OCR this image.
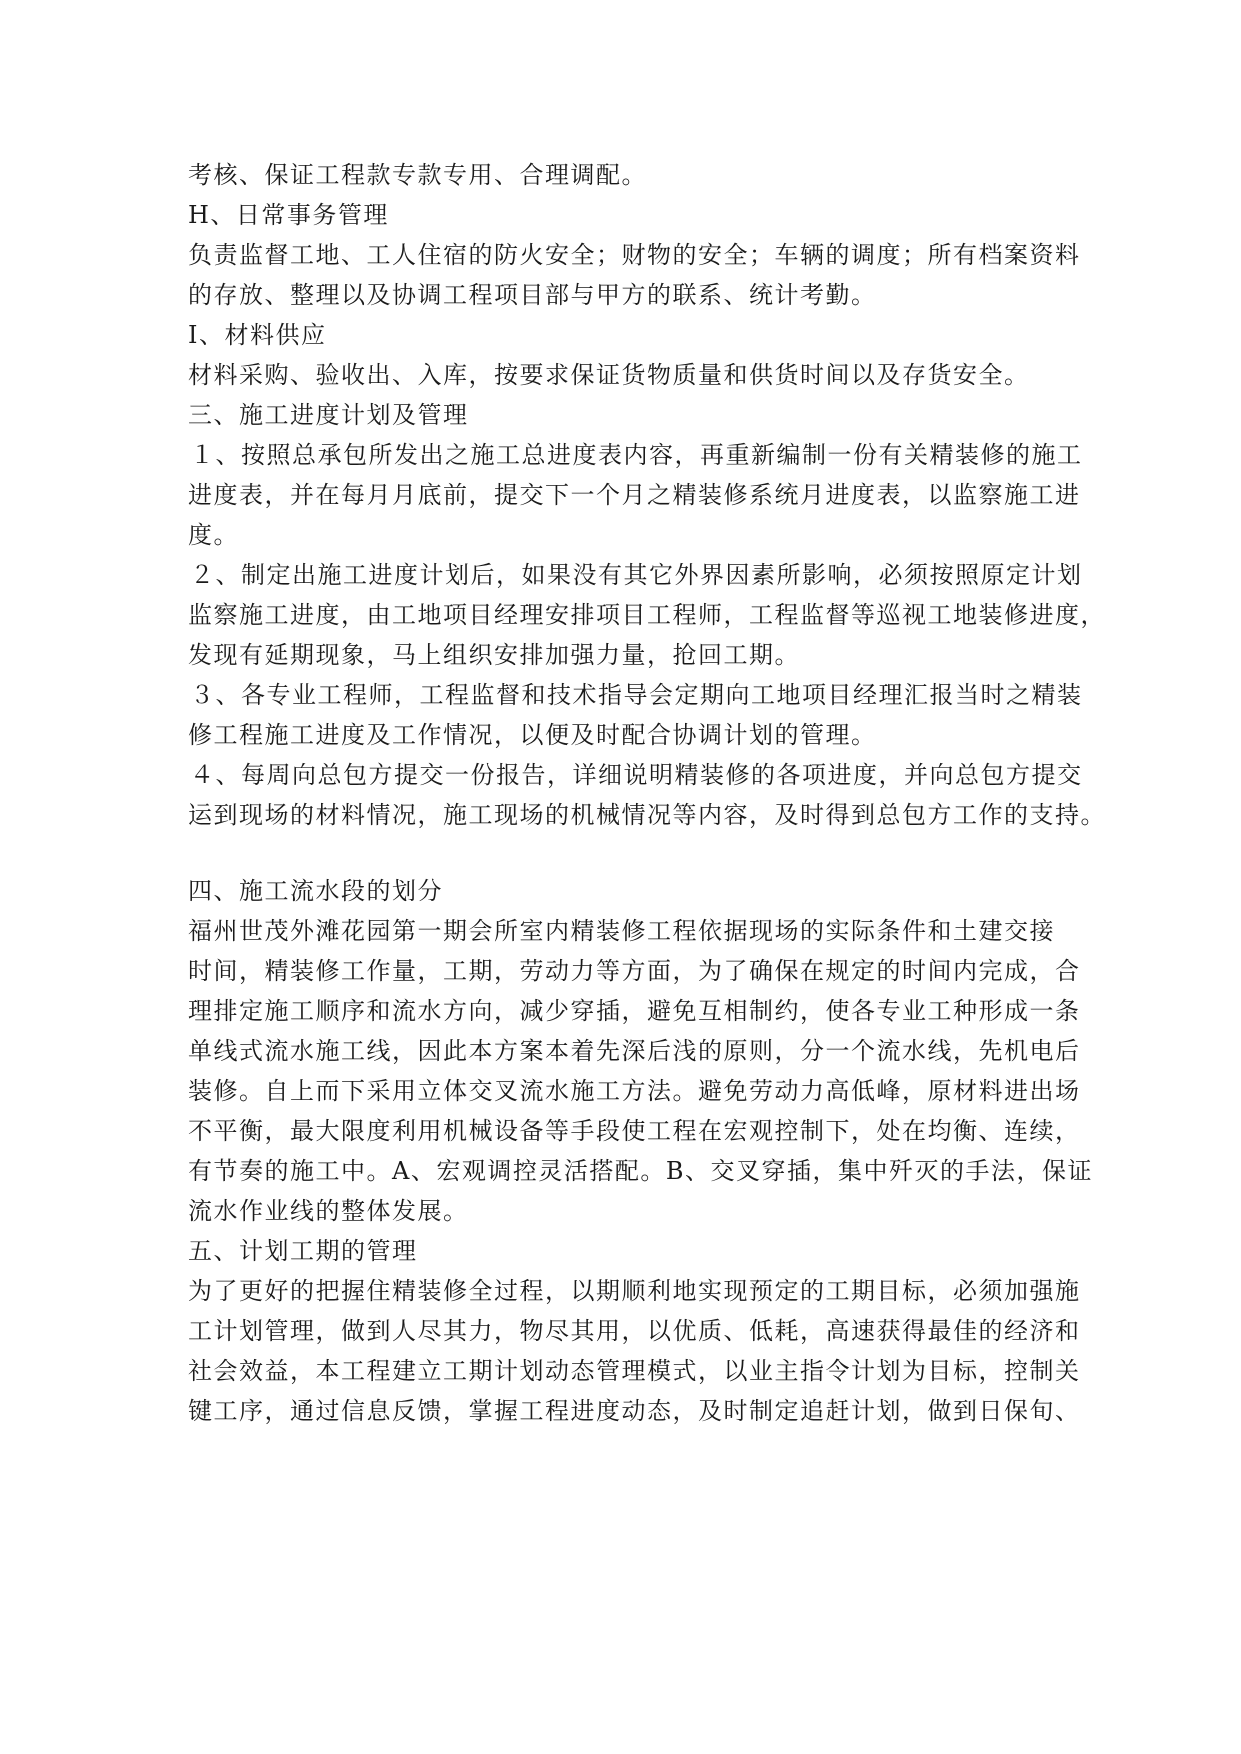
考核、保证工程款专款专用、合理调配。
H、日常事务管理
负责监督工地、工人住宿的防火安全；财物的安全；车辆的调度；所有档案资料
的存放、整理以及协调工程项目部与甲方的联系、统计考勤。
I、材料供应
材料采购、验收出、入库，按要求保证货物质量和供货时间以及存货安全。
三、施工进度计划及管理
１、按照总承包所发出之施工总进度表内容，再重新编制一份有关精装修的施工
进度表，并在每月月底前，提交下一个月之精装修系统月进度表，以监察施工进
度。
２、制定出施工进度计划后，如果没有其它外界因素所影响，必须按照原定计划
监察施工进度，由工地项目经理安排项目工程师，工程监督等巡视工地装修进度，
发现有延期现象，马上组织安排加强力量，抢回工期。
３、各专业工程师，工程监督和技术指导会定期向工地项目经理汇报当时之精装
修工程施工进度及工作情况，以便及时配合协调计划的管理。
４、每周向总包方提交一份报告，详细说明精装修的各项进度，并向总包方提交
运到现场的材料情况，施工现场的机械情况等内容，及时得到总包方工作的支持。
四、施工流水段的划分
福州世茂外滩花园第一期会所室内精装修工程依据现场的实际条件和土建交接
时间，精装修工作量，工期，劳动力等方面，为了确保在规定的时间内完成，合
理排定施工顺序和流水方向，减少穿插，避免互相制约，使各专业工种形成一条
单线式流水施工线，因此本方案本着先深后浅的原则，分一个流水线，先机电后
装修。自上而下采用立体交叉流水施工方法。避免劳动力高低峰，原材料进出场
不平衡，最大限度利用机械设备等手段使工程在宏观控制下，处在均衡、连续，
有节奏的施工中。A、宏观调控灵活搭配。B、交叉穿插，集中歼灭的手法，保证
流水作业线的整体发展。
五、计划工期的管理
为了更好的把握住精装修全过程，以期顺利地实现预定的工期目标，必须加强施
工计划管理，做到人尽其力，物尽其用，以优质、低耗，高速获得最佳的经济和
社会效益，本工程建立工期计划动态管理模式，以业主指令计划为目标，控制关
键工序，通过信息反馈，掌握工程进度动态，及时制定追赶计划，做到日保旬、
